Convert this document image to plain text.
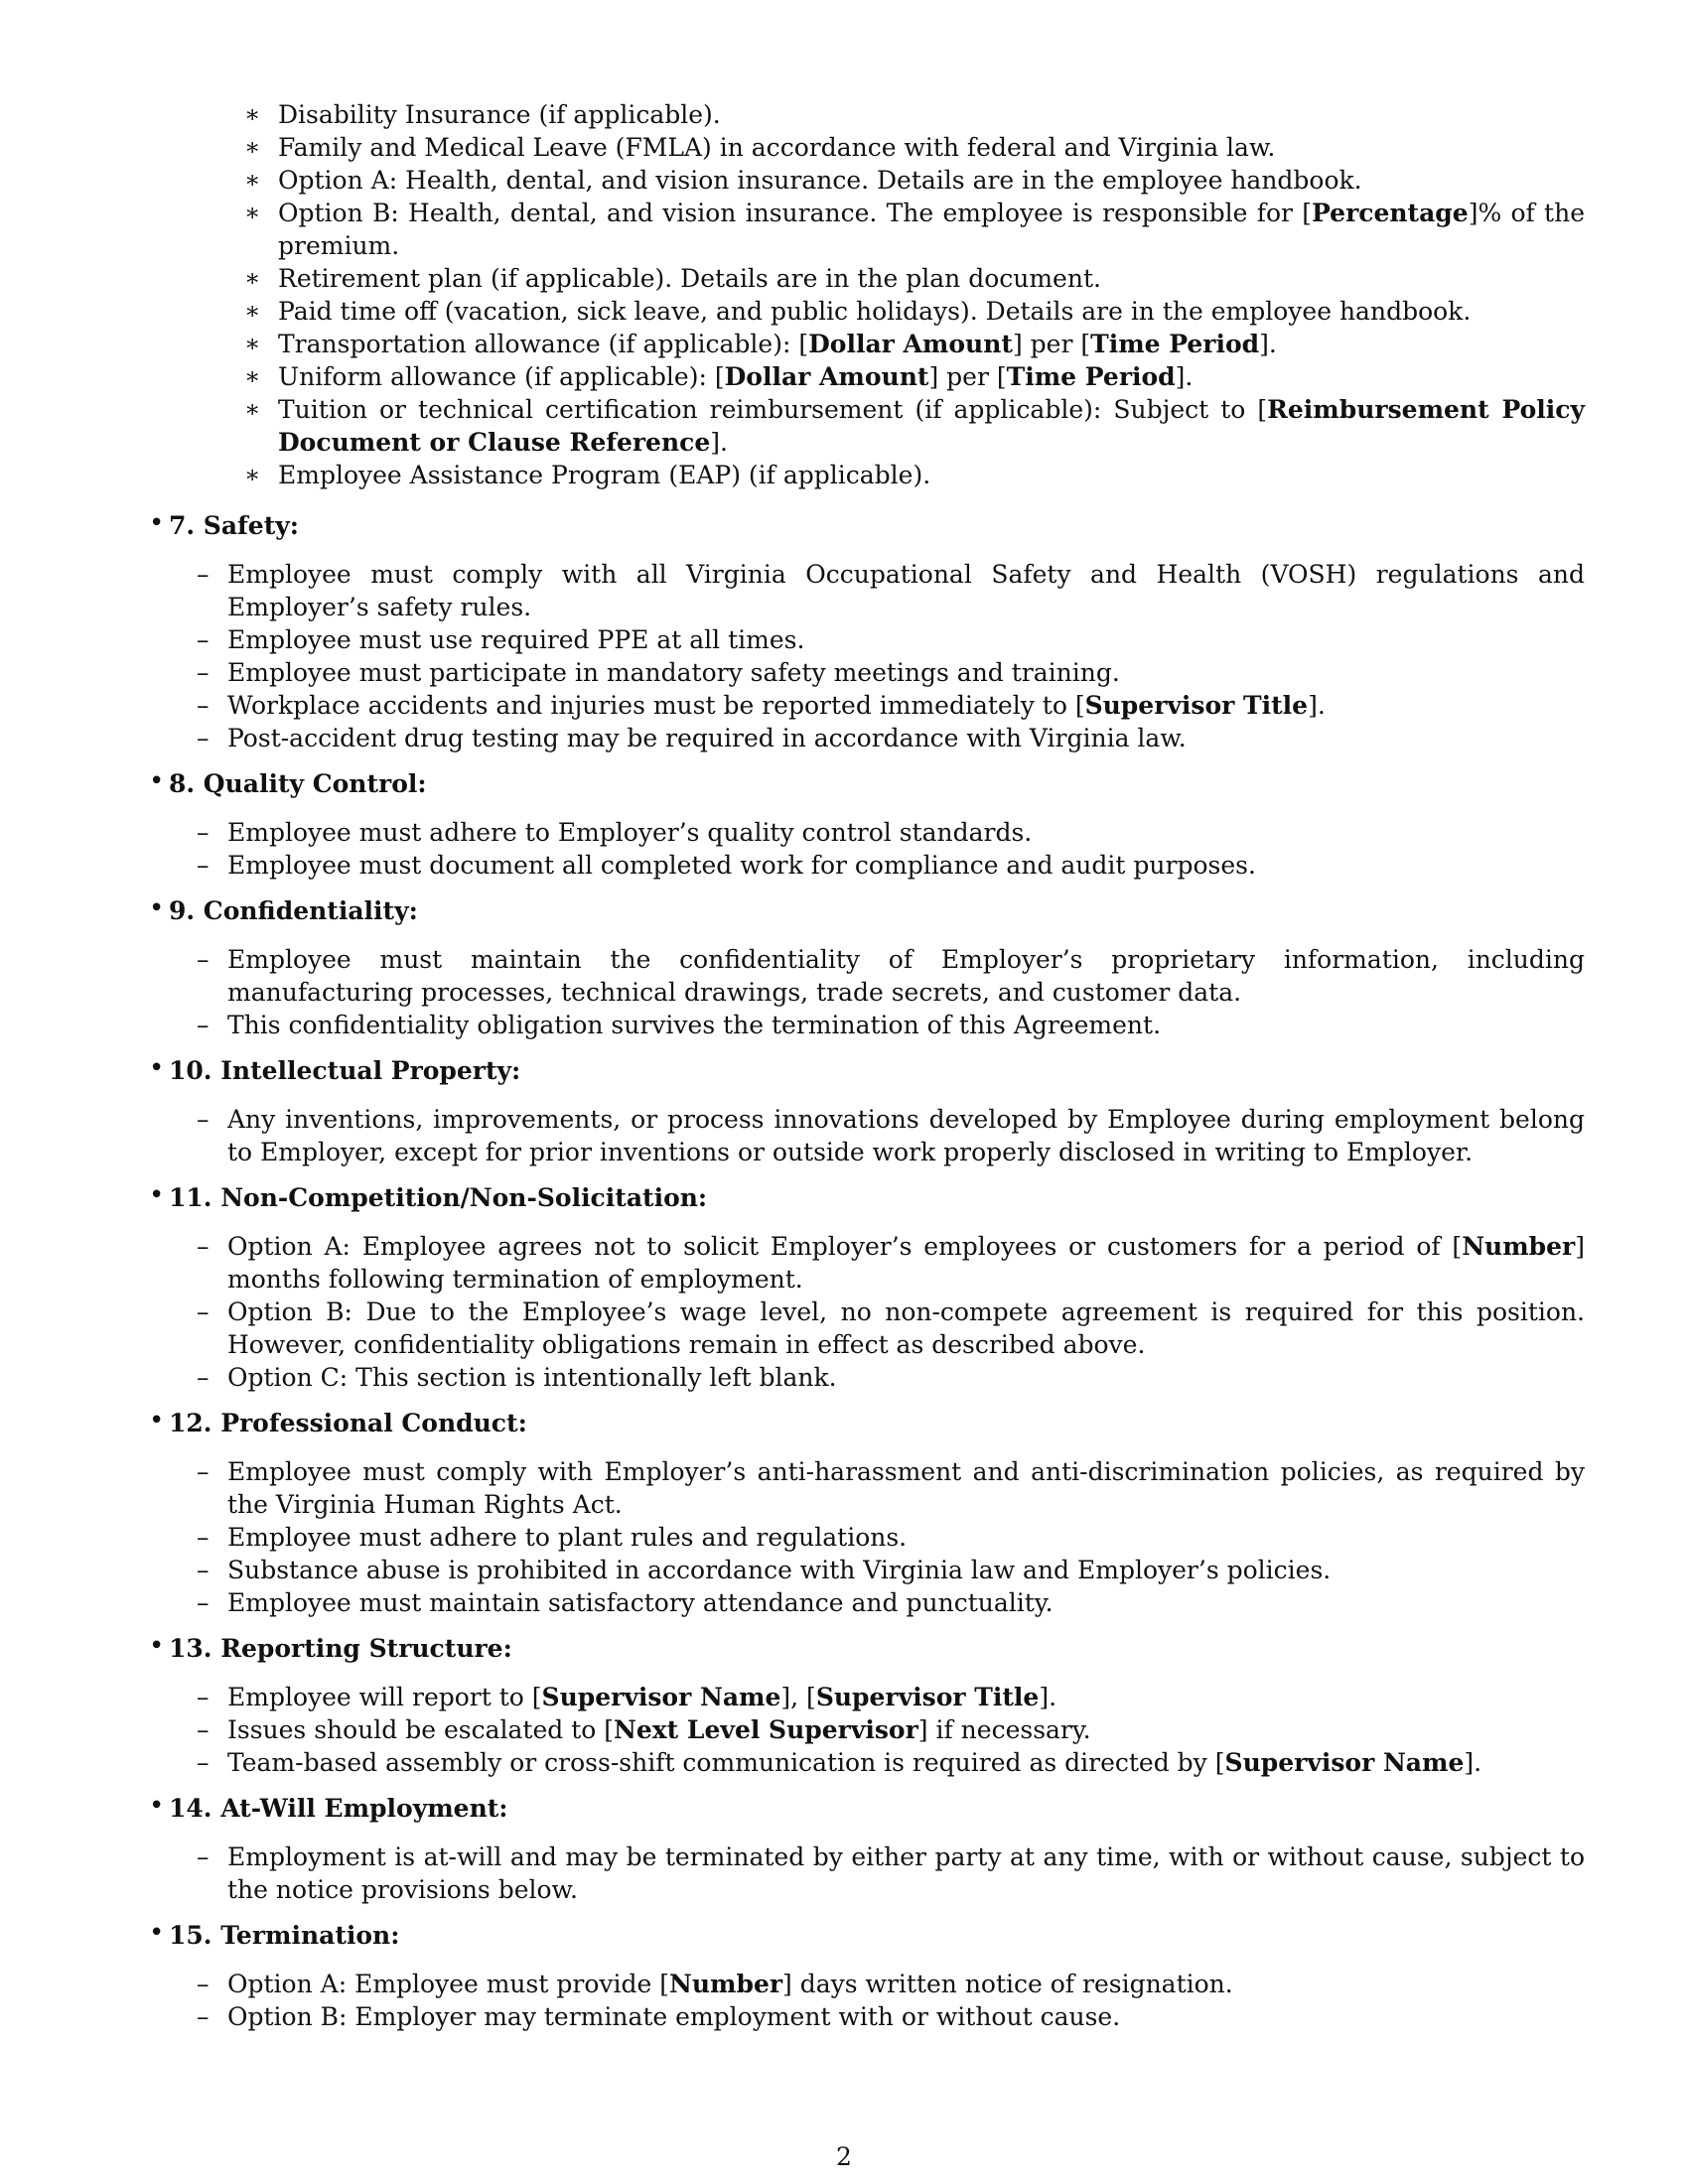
∗ Disability Insurance (if applicable).
∗ Family and Medical Leave (FMLA) in accordance with federal and Virginia law.
∗ Option A: Health, dental, and vision insurance. Details are in the employee handbook.
∗ Option B: Health, dental, and vision insurance. The employee is responsible for [Percentage]% of the premium.
∗ Retirement plan (if applicable). Details are in the plan document.
∗ Paid time off (vacation, sick leave, and public holidays). Details are in the employee handbook.
∗ Transportation allowance (if applicable): [Dollar Amount] per [Time Period].
∗ Uniform allowance (if applicable): [Dollar Amount] per [Time Period].
∗ Tuition or technical certification reimbursement (if applicable): Subject to [Reimbursement Policy Document or Clause Reference].
∗ Employee Assistance Program (EAP) (if applicable).
• 7. Safety:
– Employee must comply with all Virginia Occupational Safety and Health (VOSH) regulations and Employer’s safety rules.
– Employee must use required PPE at all times.
– Employee must participate in mandatory safety meetings and training.
– Workplace accidents and injuries must be reported immediately to [Supervisor Title].
– Post-accident drug testing may be required in accordance with Virginia law.
• 8. Quality Control:
– Employee must adhere to Employer’s quality control standards.
– Employee must document all completed work for compliance and audit purposes.
• 9. Confidentiality:
– Employee must maintain the confidentiality of Employer’s proprietary information, including manufacturing processes, technical drawings, trade secrets, and customer data.
– This confidentiality obligation survives the termination of this Agreement.
• 10. Intellectual Property:
– Any inventions, improvements, or process innovations developed by Employee during employment belong to Employer, except for prior inventions or outside work properly disclosed in writing to Employer.
• 11. Non-Competition/Non-Solicitation:
– Option A: Employee agrees not to solicit Employer’s employees or customers for a period of [Number] months following termination of employment.
– Option B: Due to the Employee’s wage level, no non-compete agreement is required for this position. However, confidentiality obligations remain in effect as described above.
– Option C: This section is intentionally left blank.
• 12. Professional Conduct:
– Employee must comply with Employer’s anti-harassment and anti-discrimination policies, as required by the Virginia Human Rights Act.
– Employee must adhere to plant rules and regulations.
– Substance abuse is prohibited in accordance with Virginia law and Employer’s policies.
– Employee must maintain satisfactory attendance and punctuality.
• 13. Reporting Structure:
– Employee will report to [Supervisor Name], [Supervisor Title].
– Issues should be escalated to [Next Level Supervisor] if necessary.
– Team-based assembly or cross-shift communication is required as directed by [Supervisor Name].
• 14. At-Will Employment:
– Employment is at-will and may be terminated by either party at any time, with or without cause, subject to the notice provisions below.
• 15. Termination:
– Option A: Employee must provide [Number] days written notice of resignation.
– Option B: Employer may terminate employment with or without cause.
2
